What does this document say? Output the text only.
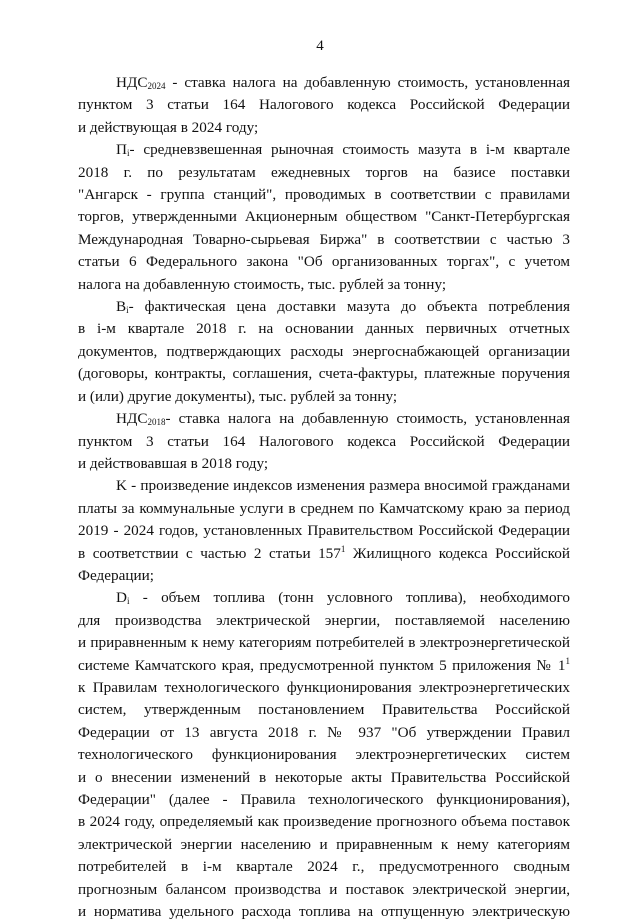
4

$НДС_{2024}$ - ставка налога на добавленную стоимость, установленная
пунктом 3 статьи 164 Налогового кодекса Российской Федерации
и действующая в 2024 году;

$П_i-$ средневзвешенная рыночная стоимость мазута в i-м квартале
2018 г. по результатам ежедневных торгов на базисе поставки
"Ангарск - группа станций", проводимых в соответствии с правилами
торгов, утвержденными Акционерным обществом "Санкт-Петербургская
Международная Товарно-сырьевая Биржа" в соответствии с частью 3
статьи 6 Федерального закона "Об организованных торгах", с учетом
налога на добавленную стоимость, тыс. рублей за тонну;

$В_i-$ фактическая цена доставки мазута до объекта потребления
в i-м квартале 2018 г. на основании данных первичных отчетных
документов, подтверждающих расходы энергоснабжающей организации
(договоры, контракты, соглашения, счета-фактуры, платежные поручения
и (или) другие документы), тыс. рублей за тонну;

$НДС_{2018}-$ ставка налога на добавленную стоимость, установленная
пунктом 3 статьи 164 Налогового кодекса Российской Федерации
и действовавшая в 2018 году;

K - произведение индексов изменения размера вносимой гражданами
платы за коммунальные услуги в среднем по Камчатскому краю за период
2019 - 2024 годов, установленных Правительством Российской Федерации
в соответствии с частью 2 статьи $157^1$ Жилищного кодекса Российской
Федерации;

$D_i$ - объем топлива (тонн условного топлива), необходимого
для производства электрической энергии, поставляемой населению
и приравненным к нему категориям потребителей в электроэнергетической
системе Камчатского края, предусмотренной пунктом 5 приложения № $1^1$
к Правилам технологического функционирования электроэнергетических
систем, утвержденным постановлением Правительства Российской
Федерации от 13 августа 2018 г. № 937 "Об утверждении Правил
технологического функционирования электроэнергетических систем
и о внесении изменений в некоторые акты Правительства Российской
Федерации" (далее - Правила технологического функционирования),
в 2024 году, определяемый как произведение прогнозного объема поставок
электрической энергии населению и приравненным к нему категориям
потребителей в i-м квартале 2024 г., предусмотренного сводным
прогнозным балансом производства и поставок электрической энергии,
и норматива удельного расхода топлива на отпущенную электрическую
